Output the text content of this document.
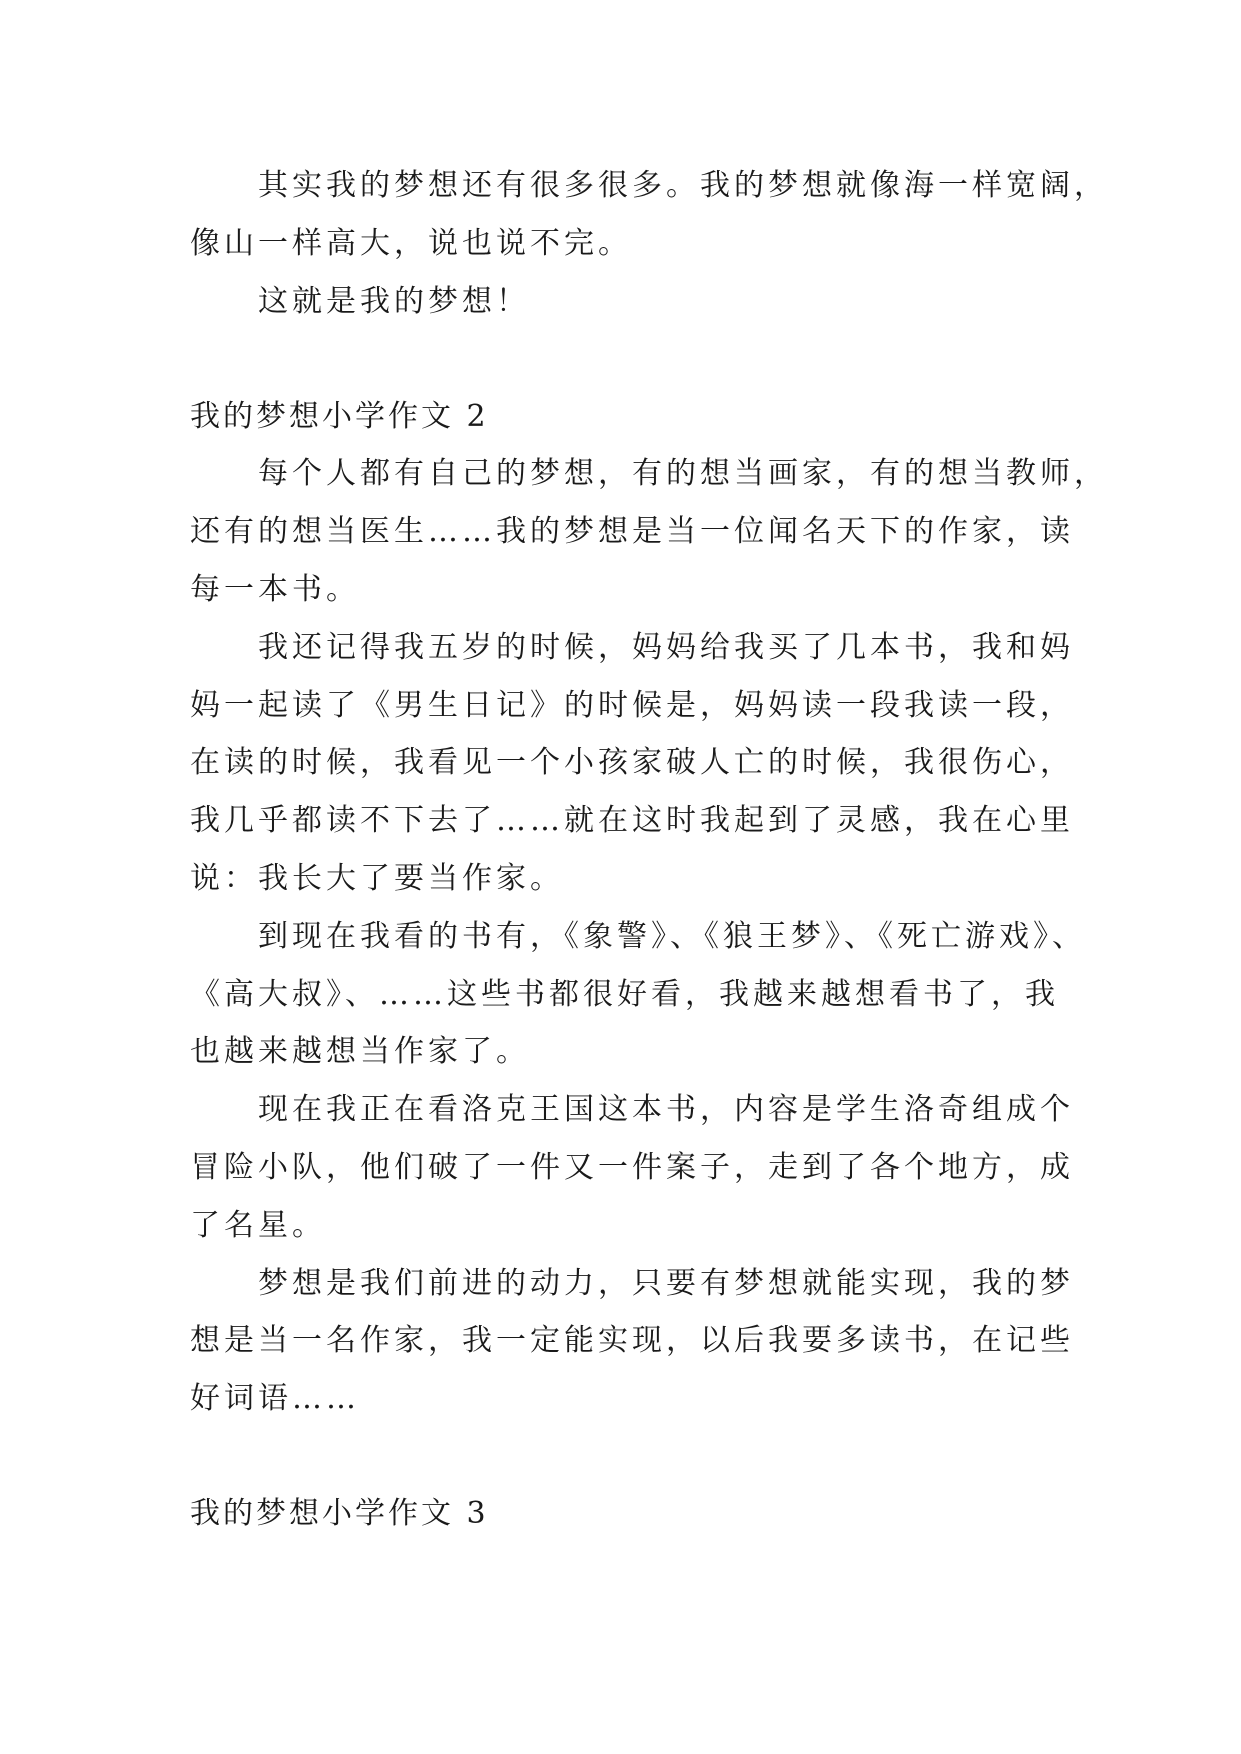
其实我的梦想还有很多很多。我的梦想就像海一样宽阔，
像山一样高大，说也说不完。
这就是我的梦想！
我的梦想小学作文 2
每个人都有自己的梦想，有的想当画家，有的想当教师，
还有的想当医生……我的梦想是当一位闻名天下的作家，读
每一本书。
我还记得我五岁的时候，妈妈给我买了几本书，我和妈
妈一起读了《男生日记》的时候是，妈妈读一段我读一段，
在读的时候，我看见一个小孩家破人亡的时候，我很伤心，
我几乎都读不下去了……就在这时我起到了灵感，我在心里
说：我长大了要当作家。
到现在我看的书有，《象警》、《狼王梦》、《死亡游戏》、
《高大叔》、……这些书都很好看，我越来越想看书了，我
也越来越想当作家了。
现在我正在看洛克王国这本书，内容是学生洛奇组成个
冒险小队，他们破了一件又一件案子，走到了各个地方，成
了名星。
梦想是我们前进的动力，只要有梦想就能实现，我的梦
想是当一名作家，我一定能实现，以后我要多读书，在记些
好词语……
我的梦想小学作文 3
